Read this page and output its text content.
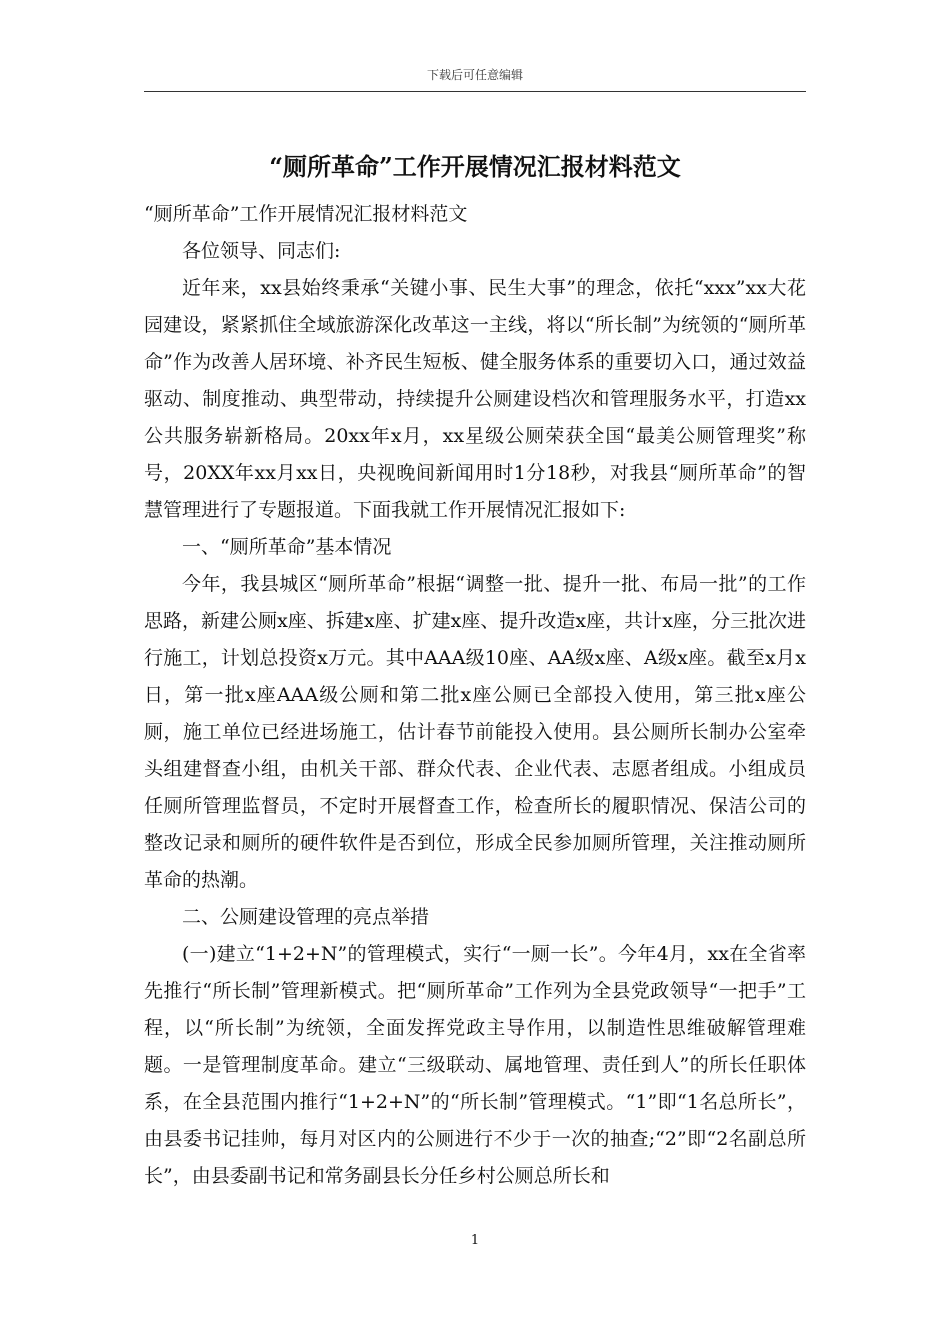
下载后可任意编辑
“厕所革命”工作开展情况汇报材料范文

“厕所革命”工作开展情况汇报材料范文

各位领导、同志们:

近年来，xx县始终秉承“关键小事、民生大事”的理念，依托“xxx”xx大花园建设，紧紧抓住全域旅游深化改革这一主线，将以“所长制”为统领的“厕所革命”作为改善人居环境、补齐民生短板、健全服务体系的重要切入口，通过效益驱动、制度推动、典型带动，持续提升公厕建设档次和管理服务水平，打造xx公共服务崭新格局。20xx年x月，xx星级公厕荣获全国“最美公厕管理奖”称号，20XX年xx月xx日，央视晚间新闻用时1分18秒，对我县“厕所革命”的智慧管理进行了专题报道。下面我就工作开展情况汇报如下:

一、“厕所革命”基本情况

今年，我县城区“厕所革命”根据“调整一批、提升一批、布局一批”的工作思路，新建公厕x座、拆建x座、扩建x座、提升改造x座，共计x座，分三批次进行施工，计划总投资x万元。其中AAA级10座、AA级x座、A级x座。截至x月x日，第一批x座AAA级公厕和第二批x座公厕已全部投入使用，第三批x座公厕，施工单位已经进场施工，估计春节前能投入使用。县公厕所长制办公室牵头组建督查小组，由机关干部、群众代表、企业代表、志愿者组成。小组成员任厕所管理监督员，不定时开展督查工作，检查所长的履职情况、保洁公司的整改记录和厕所的硬件软件是否到位，形成全民参加厕所管理，关注推动厕所革命的热潮。

二、公厕建设管理的亮点举措

(一)建立“1+2+N”的管理模式，实行“一厕一长”。今年4月，xx在全省率先推行“所长制”管理新模式。把“厕所革命”工作列为全县党政领导“一把手”工程，以“所长制”为统领，全面发挥党政主导作用，以制造性思维破解管理难题。一是管理制度革命。建立“三级联动、属地管理、责任到人”的所长任职体系，在全县范围内推行“1+2+N”的“所长制”管理模式。“1”即“1名总所长”，由县委书记挂帅，每月对区内的公厕进行不少于一次的抽查;“2”即“2名副总所长”，由县委副书记和常务副县长分任乡村公厕总所长和

1
